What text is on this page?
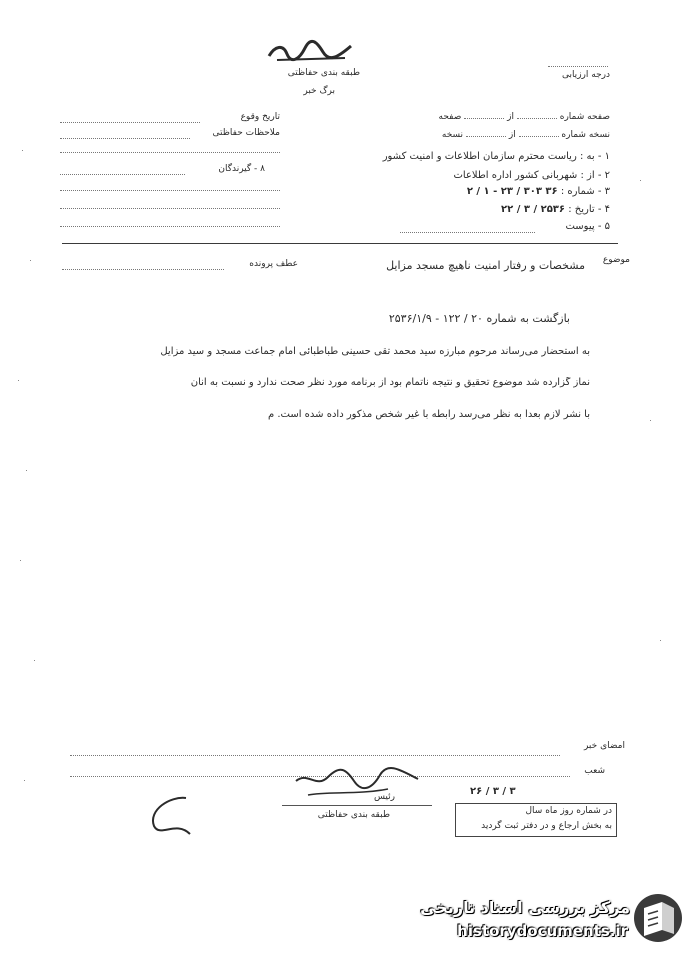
طبقه بندی حفاظتی
برگ خبر
درجه ارزیابی
صفحه شماره  از  صفحه
نسخه شماره  از  نسخه
۱ - به : ریاست محترم سازمان اطلاعات و امنیت کشور
۲ - از : شهربانی کشور اداره اطلاعات
۳ - شماره : ۳۶ ۳۰۳ / ۲۳ - ۱ / ۲
۴ - تاریخ : ۲۵۳۶ / ۳ / ۲۲
۵ - پیوست
تاریخ وقوع
ملاحظات حفاظتی
۸ - گیرندگان
موضوع
مشخصات و رفتار امنیت ناهیچ مسجد مزایل
عطف پرونده
بازگشت به شماره ۲۰ / ۱۲۲ - ۲۵۳۶/۱/۹
به استحضار می‌رساند مرحوم مبارزه سید محمد تقی حسینی طباطبائی امام جماعت مسجد و سید مزایل
نماز گزارده شد موضوع تحقیق و نتیجه ناتمام بود از برنامه مورد نظر صحت ندارد و نسبت به آنان
با نشر لازم بعداً به نظر می‌رسد رابطه با غیر شخص مذکور داده شده است. م
امضای خبر
شعب
رئیس
طبقه بندی حفاظتی
۲۶ / ۳ / ۳
در شماره روز ماه سال
به بخش ارجاع و در دفتر ثبت گردید
مرکز بررسی اسناد تاریخی
historydocuments.ir
